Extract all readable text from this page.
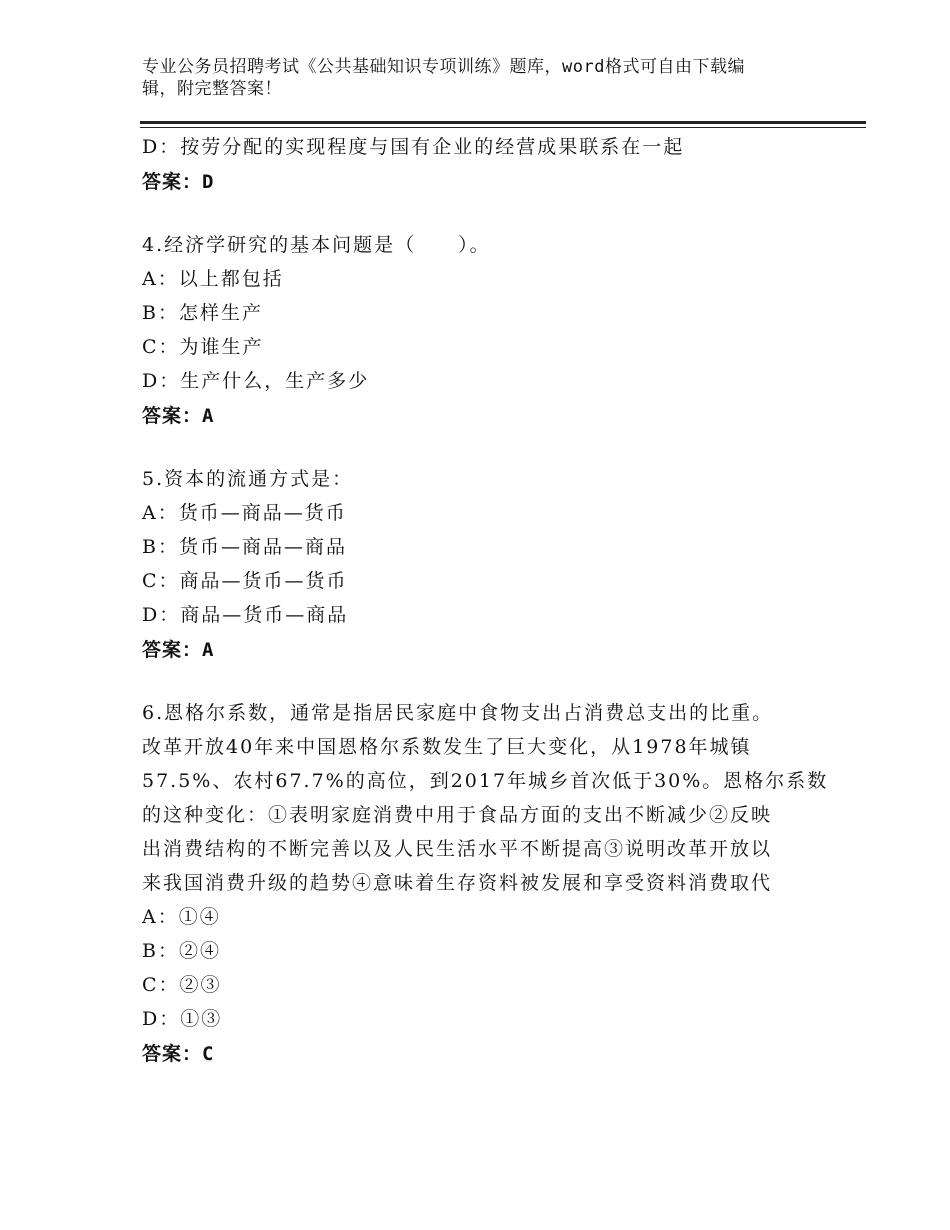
专业公务员招聘考试《公共基础知识专项训练》题库，word格式可自由下载编
辑，附完整答案！
D：按劳分配的实现程度与国有企业的经营成果联系在一起
答案：D
4.经济学研究的基本问题是（　　）。
A：以上都包括
B：怎样生产
C：为谁生产
D：生产什么，生产多少
答案：A
5.资本的流通方式是：
A：货币—商品—货币
B：货币—商品—商品
C：商品—货币—货币
D：商品—货币—商品
答案：A
6.恩格尔系数，通常是指居民家庭中食物支出占消费总支出的比重。
改革开放40年来中国恩格尔系数发生了巨大变化，从1978年城镇
57.5%、农村67.7%的高位，到2017年城乡首次低于30%。恩格尔系数
的这种变化：①表明家庭消费中用于食品方面的支出不断减少②反映
出消费结构的不断完善以及人民生活水平不断提高③说明改革开放以
来我国消费升级的趋势④意味着生存资料被发展和享受资料消费取代
A：①④
B：②④
C：②③
D：①③
答案：C
